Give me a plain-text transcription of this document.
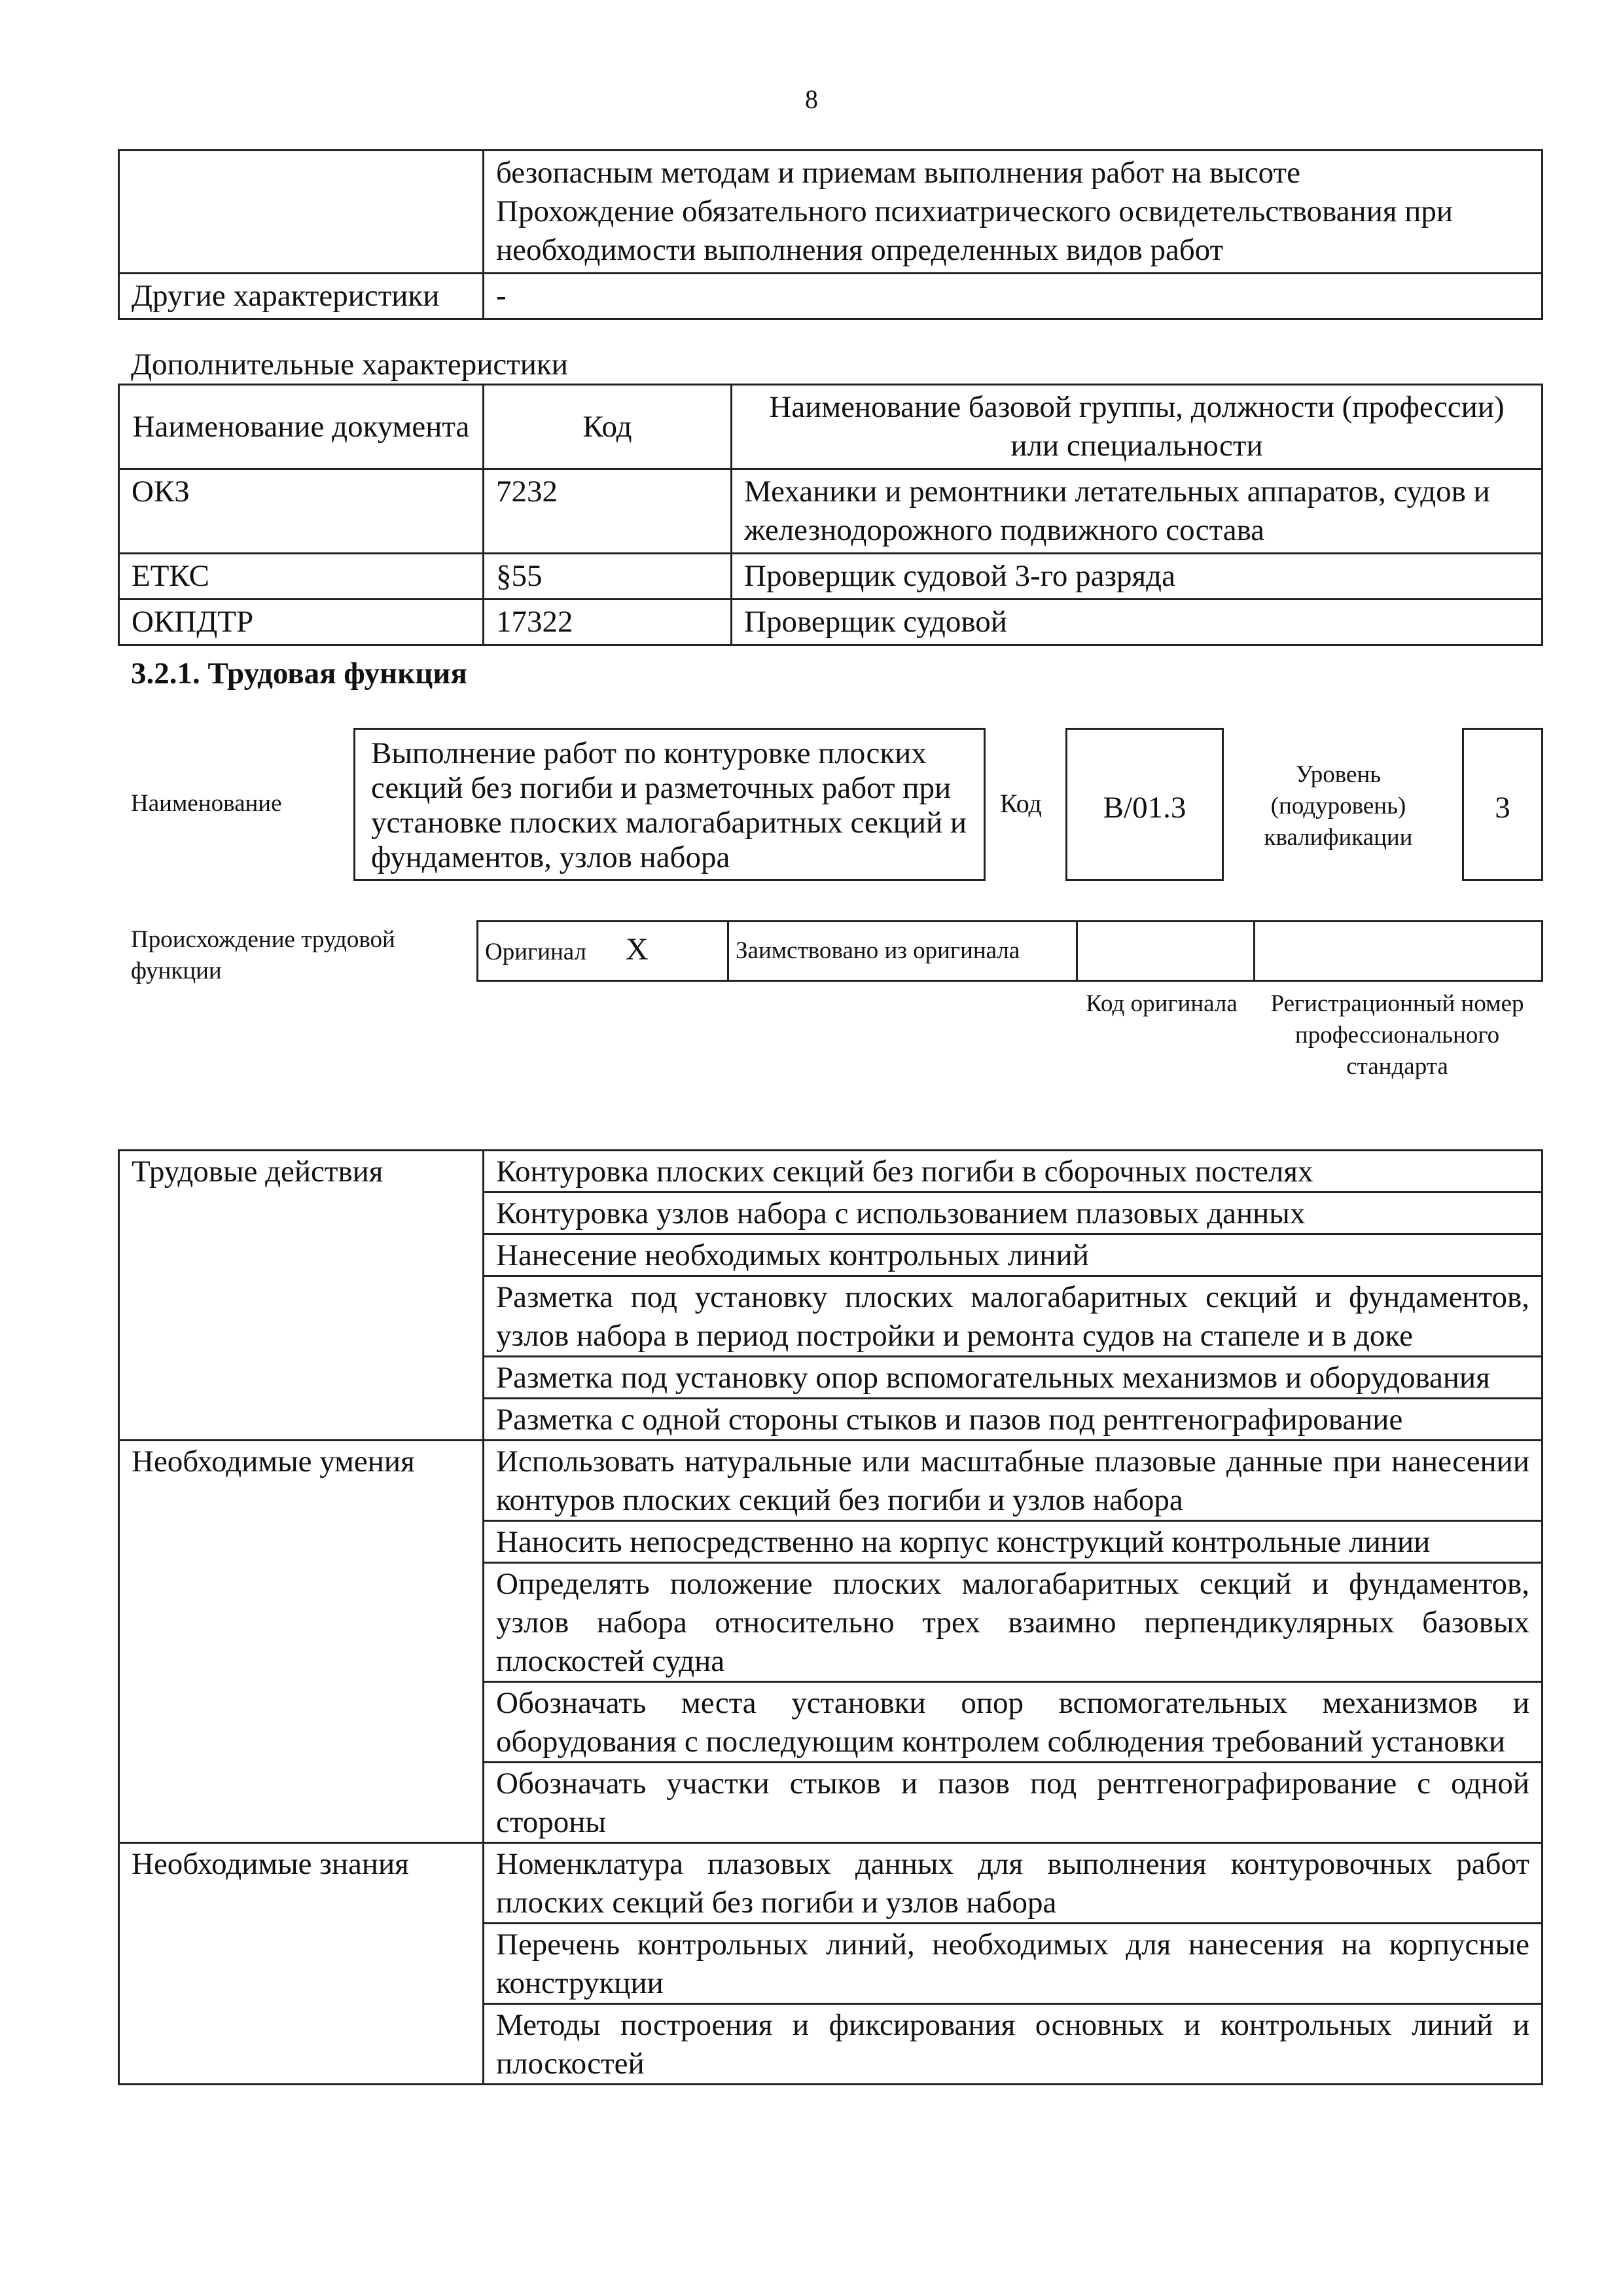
8
	безопасным методам и приемам выполнения работ на высоте
Прохождение обязательного психиатрического освидетельствования при необходимости выполнения определенных видов работ
Другие характеристики	-
Дополнительные характеристики
Наименование документа	Код	Наименование базовой группы, должности (профессии) или специальности
ОКЗ	7232	Механики и ремонтники летательных аппаратов, судов и железнодорожного подвижного состава
ЕТКС	§55	Проверщик судовой 3-го разряда
ОКПДТР	17322	Проверщик судовой
3.2.1. Трудовая функция
Наименование
Выполнение работ по контуровке плоских секций без погиби и разметочных работ при установке плоских малогабаритных секций и фундаментов, узлов набора
Код	B/01.3
Уровень (подуровень) квалификации
3
Происхождение трудовой функции
Оригинал X	Заимствовано из оригинала		
Код оригинала	Регистрационный номер профессионального стандарта
Трудовые действия	Контуровка плоских секций без погиби в сборочных постелях
	Контуровка узлов набора с использованием плазовых данных
	Нанесение необходимых контрольных линий
	Разметка под установку плоских малогабаритных секций и фундаментов, узлов набора в период постройки и ремонта судов на стапеле и в доке
	Разметка под установку опор вспомогательных механизмов и оборудования
	Разметка с одной стороны стыков и пазов под рентгенографирование
Необходимые умения	Использовать натуральные или масштабные плазовые данные при нанесении контуров плоских секций без погиби и узлов набора
	Наносить непосредственно на корпус конструкций контрольные линии
	Определять положение плоских малогабаритных секций и фундаментов, узлов набора относительно трех взаимно перпендикулярных базовых плоскостей судна
	Обозначать места установки опор вспомогательных механизмов и оборудования с последующим контролем соблюдения требований установки
	Обозначать участки стыков и пазов под рентгенографирование с одной стороны
Необходимые знания	Номенклатура плазовых данных для выполнения контуровочных работ плоских секций без погиби и узлов набора
	Перечень контрольных линий, необходимых для нанесения на корпусные конструкции
	Методы построения и фиксирования основных и контрольных линий и плоскостей
